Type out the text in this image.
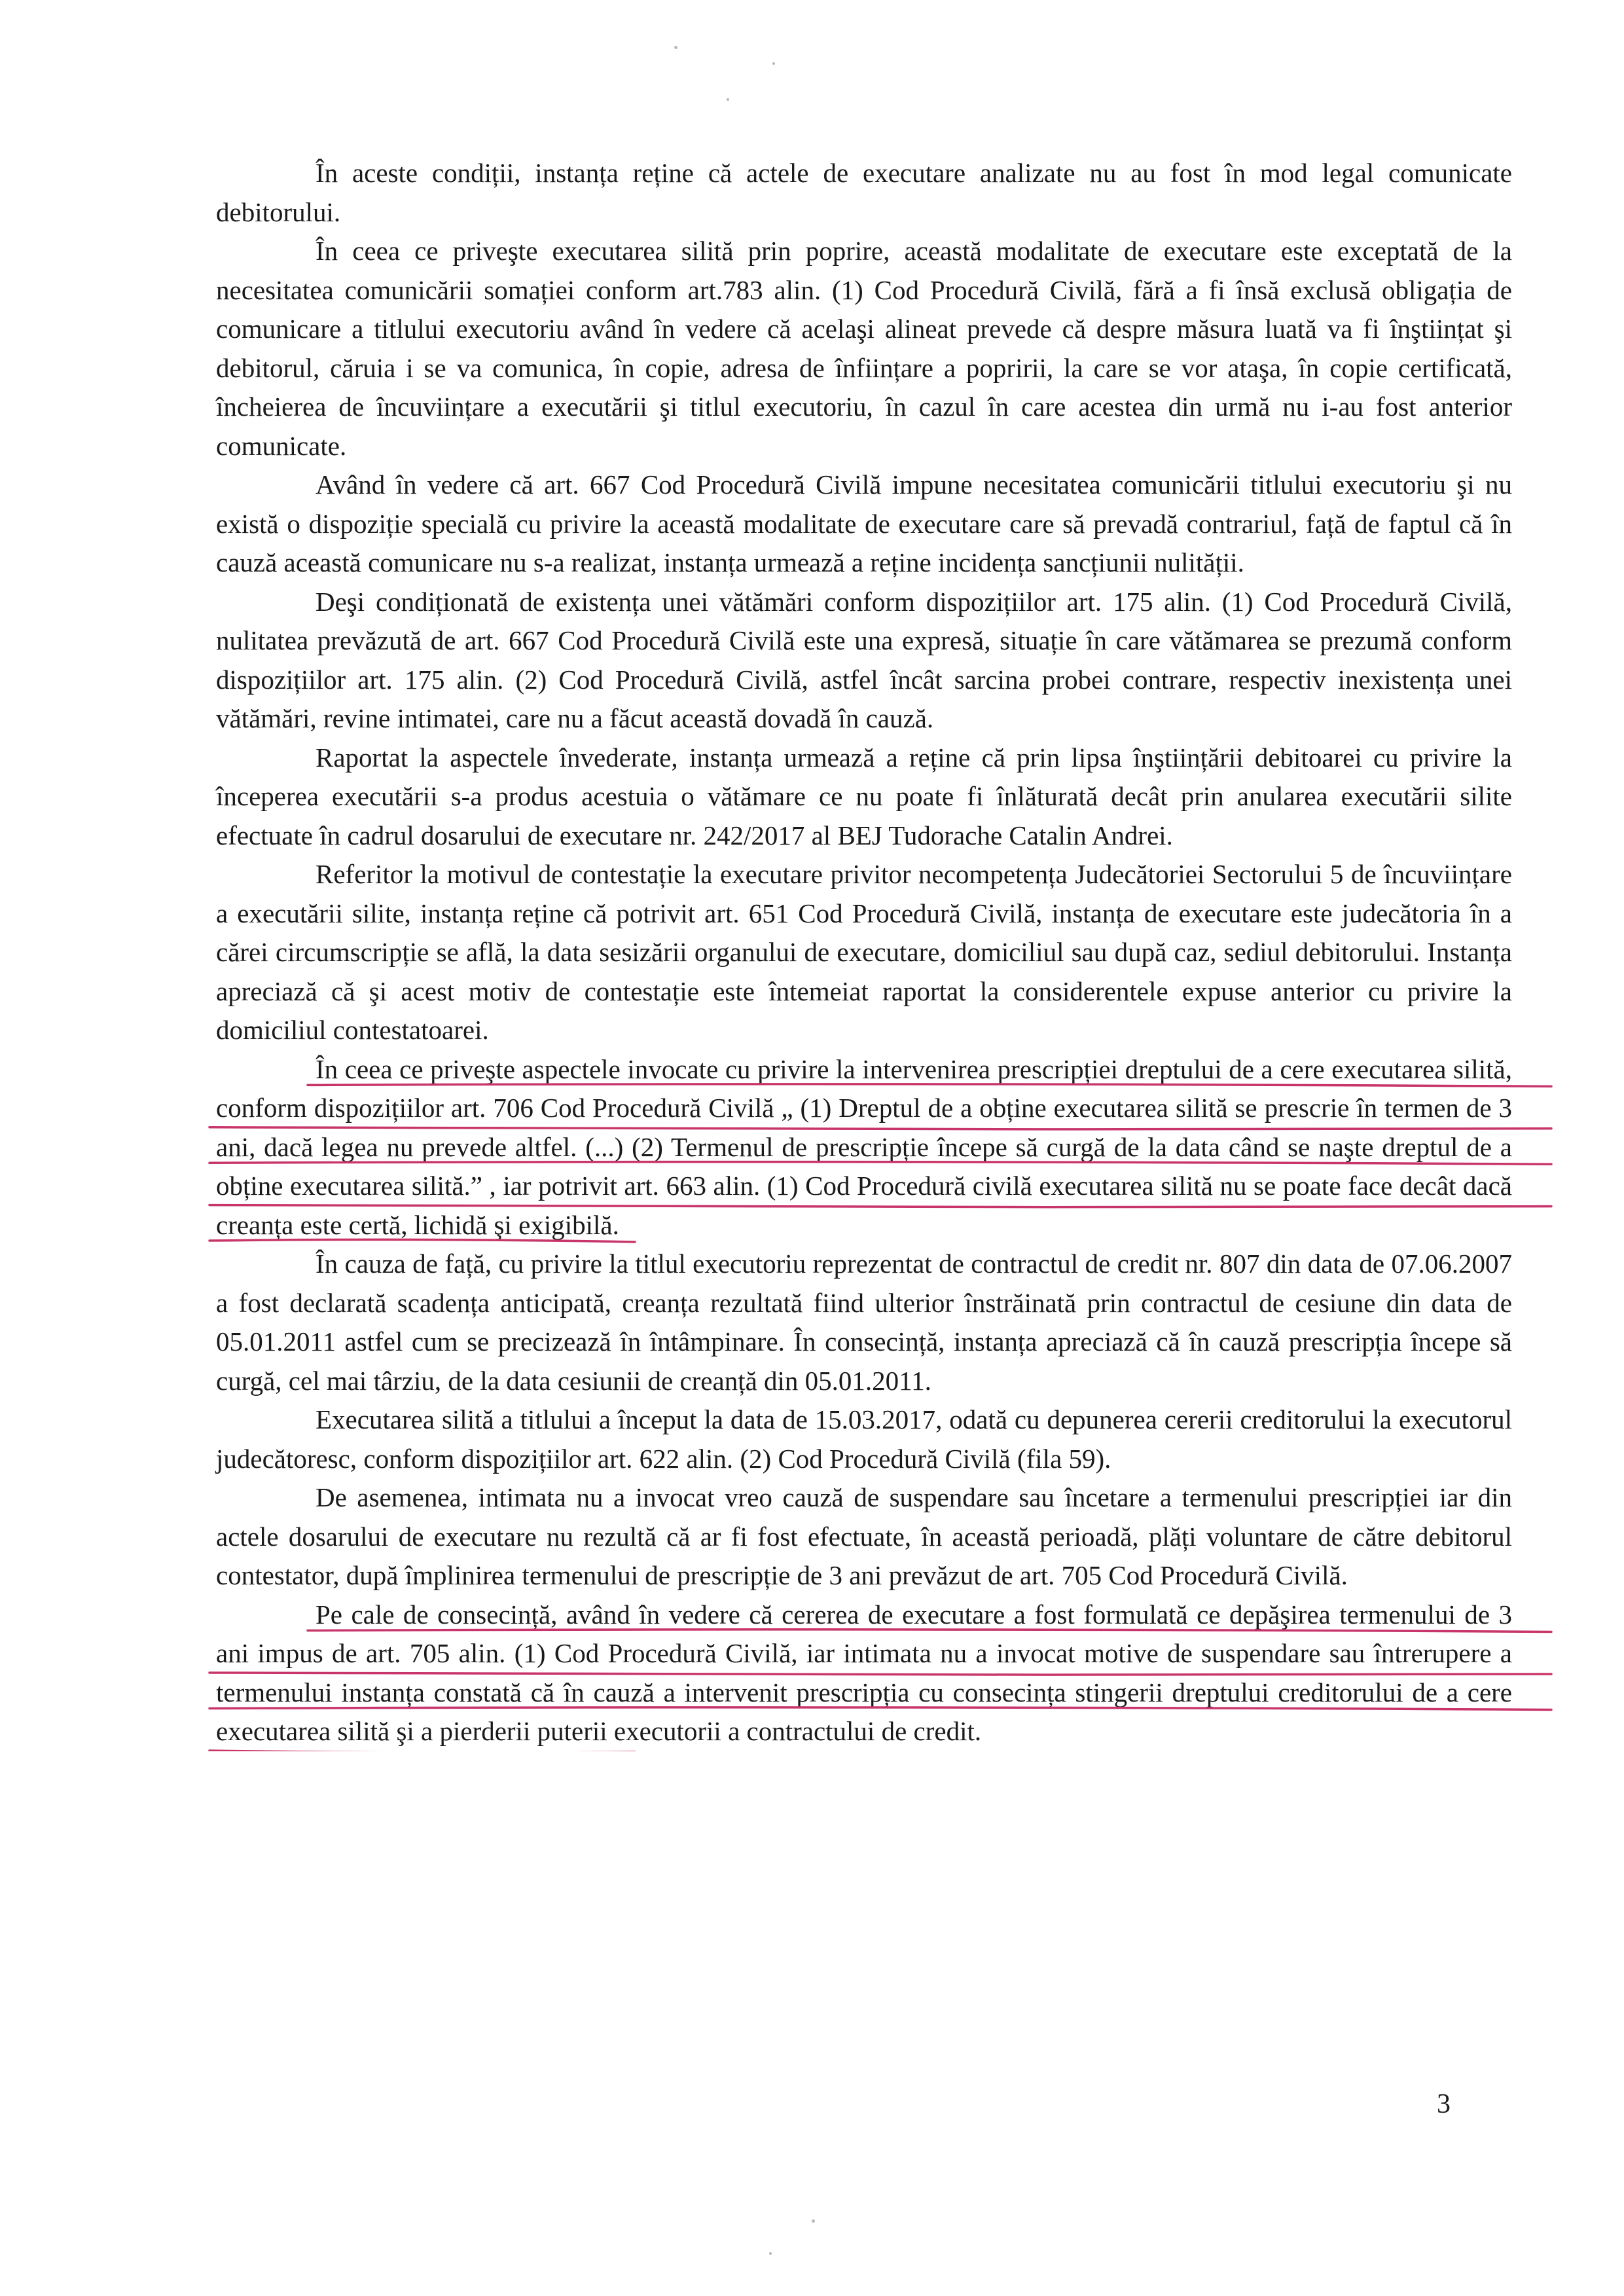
În aceste condiții, instanța reține că actele de executare analizate nu au fost în mod legal comunicate debitorului.

În ceea ce priveşte executarea silită prin poprire, această modalitate de executare este exceptată de la necesitatea comunicării somației conform art.783 alin. (1) Cod Procedură Civilă, fără a fi însă exclusă obligația de comunicare a titlului executoriu având în vedere că acelaşi alineat prevede că despre măsura luată va fi înştiințat şi debitorul, căruia i se va comunica, în copie, adresa de înființare a popririi, la care se vor ataşa, în copie certificată, încheierea de încuviințare a executării şi titlul executoriu, în cazul în care acestea din urmă nu i-au fost anterior comunicate.

Având în vedere că art. 667 Cod Procedură Civilă impune necesitatea comunicării titlului executoriu şi nu există o dispoziție specială cu privire la această modalitate de executare care să prevadă contrariul, față de faptul că în cauză această comunicare nu s-a realizat, instanța urmează a reține incidența sancțiunii nulității.

Deşi condiționată de existența unei vătămări conform dispozițiilor art. 175 alin. (1) Cod Procedură Civilă, nulitatea prevăzută de art. 667 Cod Procedură Civilă este una expresă, situație în care vătămarea se prezumă conform dispozițiilor art. 175 alin. (2) Cod Procedură Civilă, astfel încât sarcina probei contrare, respectiv inexistența unei vătămări, revine intimatei, care nu a făcut această dovadă în cauză.

Raportat la aspectele învederate, instanța urmează a reține că prin lipsa înştiințării debitoarei cu privire la începerea executării s-a produs acestuia o vătămare ce nu poate fi înlăturată decât prin anularea executării silite efectuate în cadrul dosarului de executare nr. 242/2017 al BEJ Tudorache Catalin Andrei.

Referitor la motivul de contestație la executare privitor necompetența Judecătoriei Sectorului 5 de încuviințare a executării silite, instanța reține că potrivit art. 651 Cod Procedură Civilă, instanța de executare este judecătoria în a cărei circumscripție se află, la data sesizării organului de executare, domiciliul sau după caz, sediul debitorului. Instanța apreciază că şi acest motiv de contestație este întemeiat raportat la considerentele expuse anterior cu privire la domiciliul contestatoarei.

În ceea ce priveşte aspectele invocate cu privire la intervenirea prescripției dreptului de a cere executarea silită, conform dispozițiilor art. 706 Cod Procedură Civilă „ (1) Dreptul de a obține executarea silită se prescrie în termen de 3 ani, dacă legea nu prevede altfel. (...) (2) Termenul de prescripție începe să curgă de la data când se naşte dreptul de a obține executarea silită.” , iar potrivit art. 663 alin. (1) Cod Procedură civilă executarea silită nu se poate face decât dacă creanța este certă, lichidă şi exigibilă.

În cauza de față, cu privire la titlul executoriu reprezentat de contractul de credit nr. 807 din data de 07.06.2007 a fost declarată scadența anticipată, creanța rezultată fiind ulterior înstrăinată prin contractul de cesiune din data de 05.01.2011 astfel cum se precizează în întâmpinare. În consecință, instanța apreciază că în cauză prescripția începe să curgă, cel mai târziu, de la data cesiunii de creanță din 05.01.2011.

Executarea silită a titlului a început la data de 15.03.2017, odată cu depunerea cererii creditorului la executorul judecătoresc, conform dispozițiilor art. 622 alin. (2) Cod Procedură Civilă (fila 59).

De asemenea, intimata nu a invocat vreo cauză de suspendare sau încetare a termenului prescripției iar din actele dosarului de executare nu rezultă că ar fi fost efectuate, în această perioadă, plăți voluntare de către debitorul contestator, după împlinirea termenului de prescripție de 3 ani prevăzut de art. 705 Cod Procedură Civilă.

Pe cale de consecință, având în vedere că cererea de executare a fost formulată ce depăşirea termenului de 3 ani impus de art. 705 alin. (1) Cod Procedură Civilă, iar intimata nu a invocat motive de suspendare sau întrerupere a termenului instanța constată că în cauză a intervenit prescripția cu consecința stingerii dreptului creditorului de a cere executarea silită şi a pierderii puterii executorii a contractului de credit.

3
